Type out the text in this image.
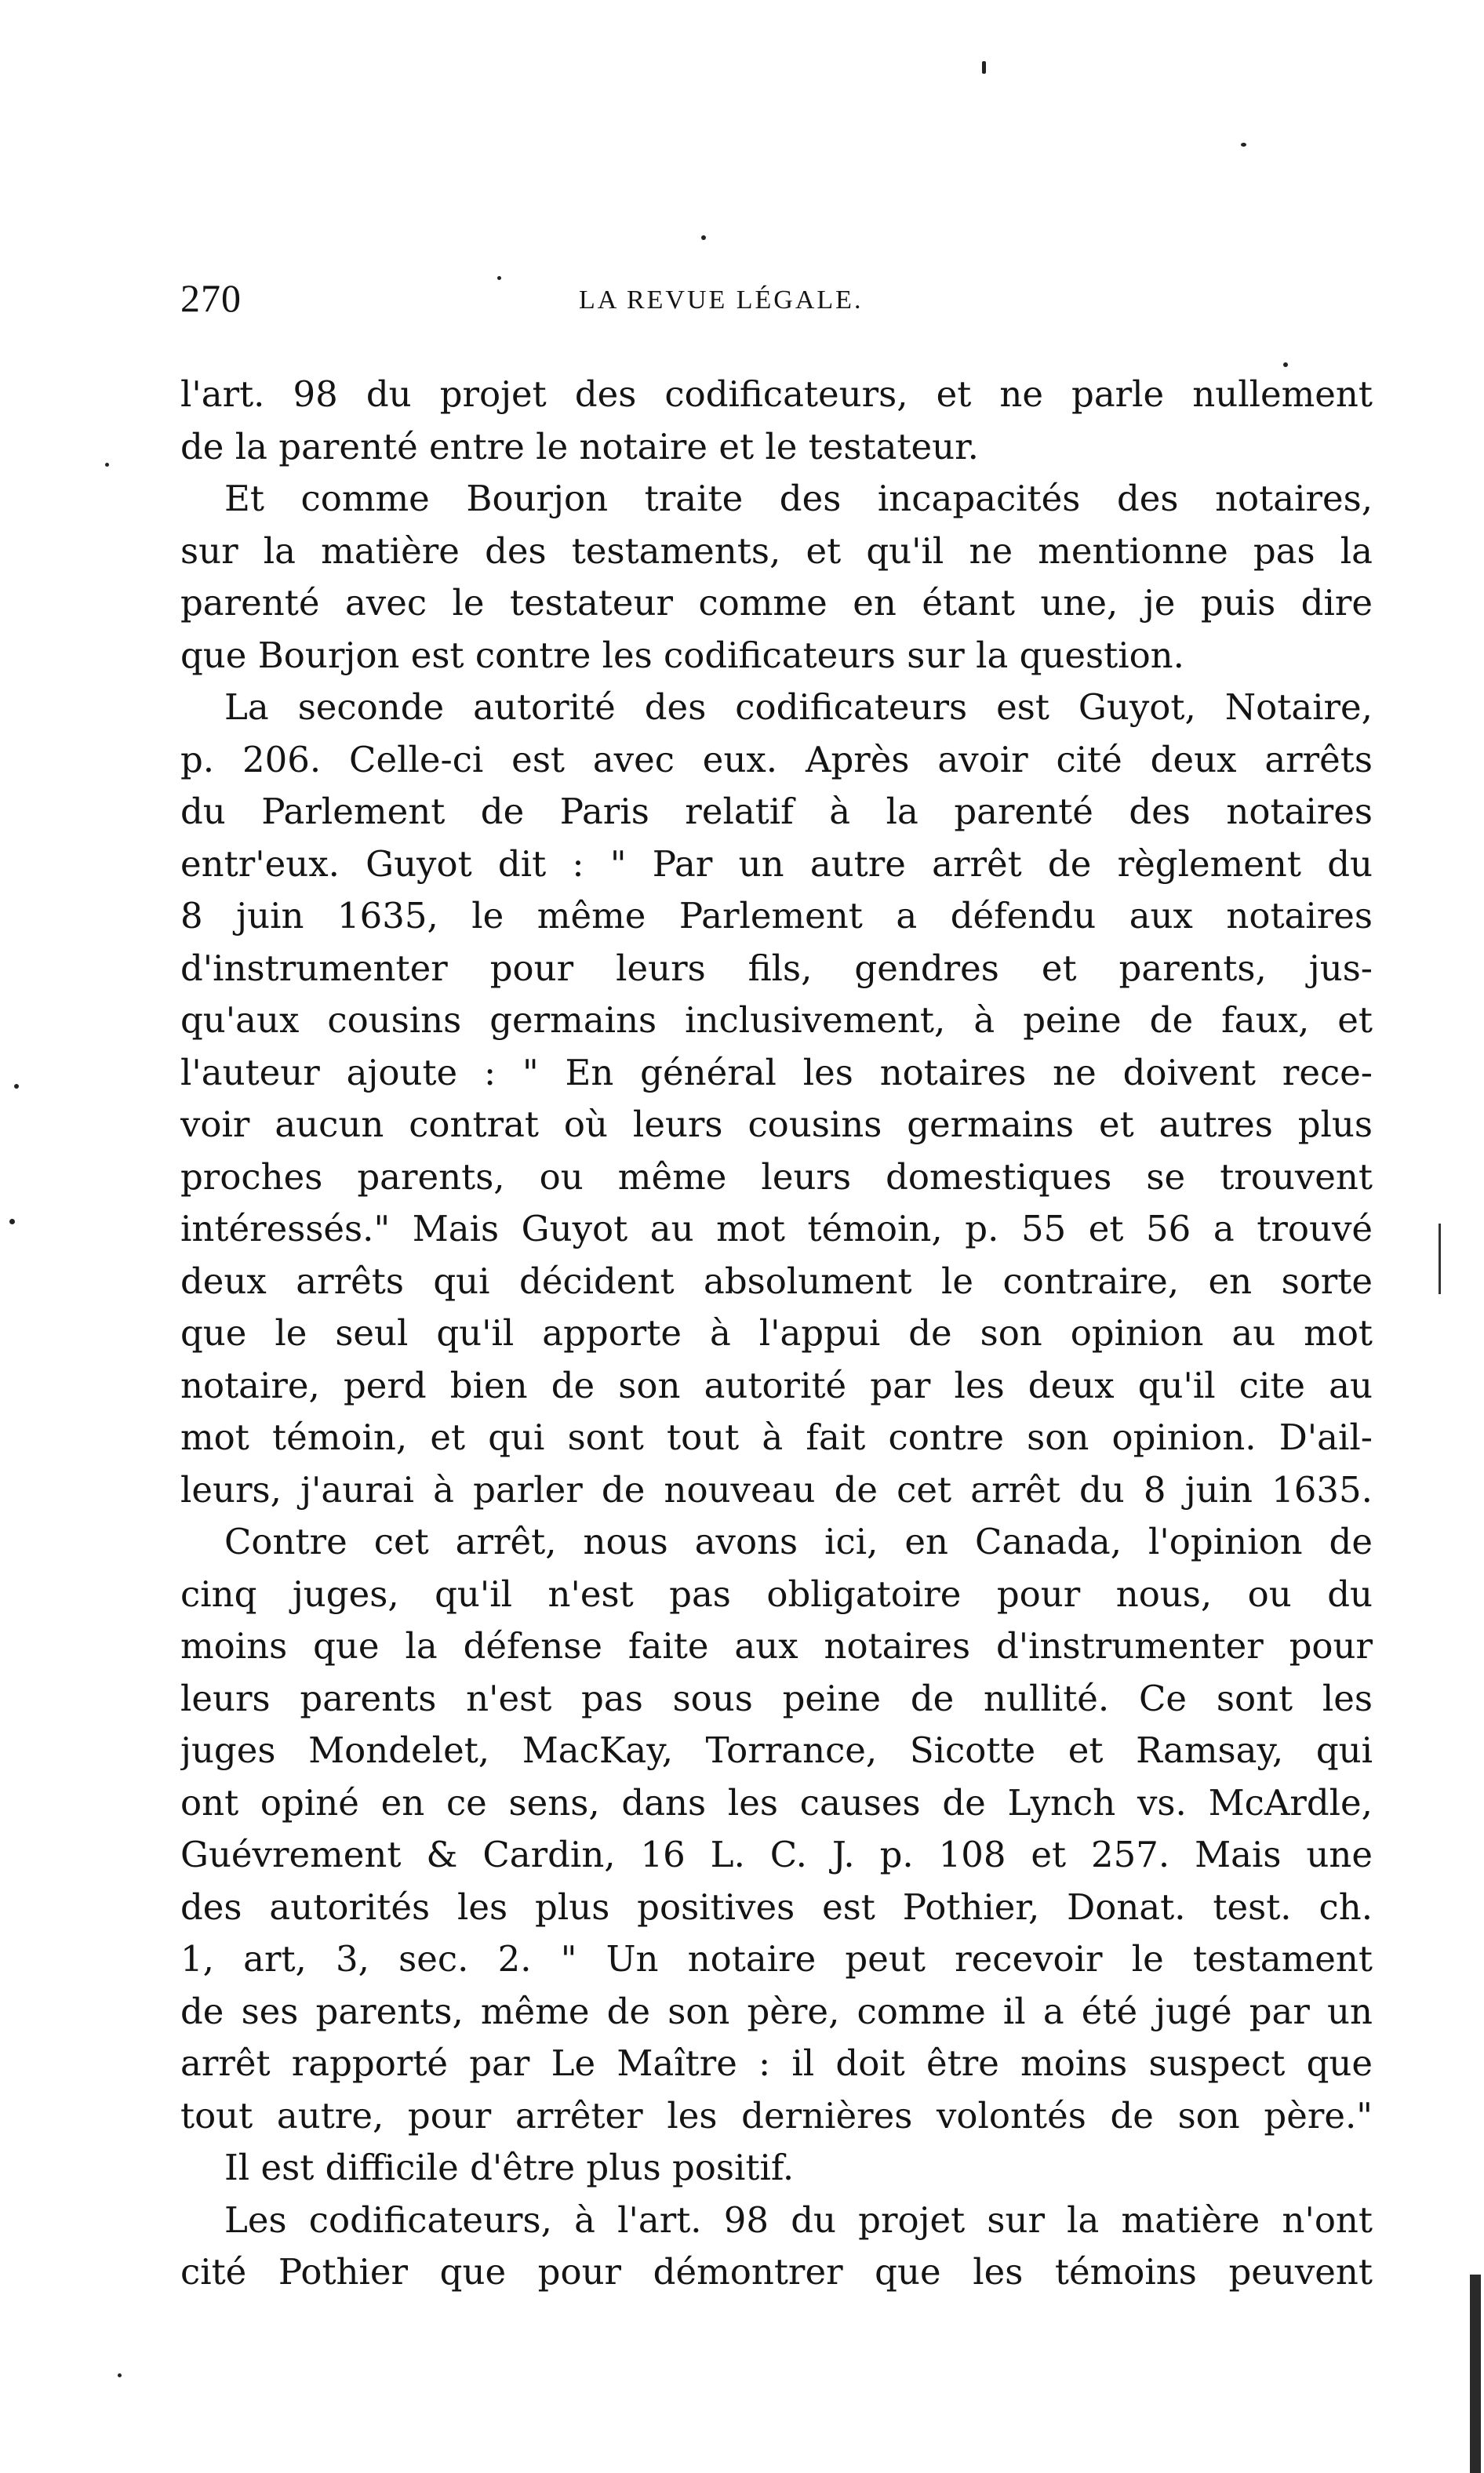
270	LA REVUE LÉGALE.
l'art. 98 du projet des codificateurs, et ne parle nullement
de la parenté entre le notaire et le testateur.
Et comme Bourjon traite des incapacités des notaires,
sur la matière des testaments, et qu'il ne mentionne pas la
parenté avec le testateur comme en étant une, je puis dire
que Bourjon est contre les codificateurs sur la question.
La seconde autorité des codificateurs est Guyot, Notaire,
p. 206. Celle-ci est avec eux. Après avoir cité deux arrêts
du Parlement de Paris relatif à la parenté des notaires
entr'eux. Guyot dit : " Par un autre arrêt de règlement du
8 juin 1635, le même Parlement a défendu aux notaires
d'instrumenter pour leurs fils, gendres et parents, jus-
qu'aux cousins germains inclusivement, à peine de faux, et
l'auteur ajoute : " En général les notaires ne doivent rece-
voir aucun contrat où leurs cousins germains et autres plus
proches parents, ou même leurs domestiques se trouvent
intéressés." Mais Guyot au mot témoin, p. 55 et 56 a trouvé
deux arrêts qui décident absolument le contraire, en sorte
que le seul qu'il apporte à l'appui de son opinion au mot
notaire, perd bien de son autorité par les deux qu'il cite au
mot témoin, et qui sont tout à fait contre son opinion. D'ail-
leurs, j'aurai à parler de nouveau de cet arrêt du 8 juin 1635.
Contre cet arrêt, nous avons ici, en Canada, l'opinion de
cinq juges, qu'il n'est pas obligatoire pour nous, ou du
moins que la défense faite aux notaires d'instrumenter pour
leurs parents n'est pas sous peine de nullité. Ce sont les
juges Mondelet, MacKay, Torrance, Sicotte et Ramsay, qui
ont opiné en ce sens, dans les causes de Lynch vs. McArdle,
Guévrement & Cardin, 16 L. C. J. p. 108 et 257. Mais une
des autorités les plus positives est Pothier, Donat. test. ch.
1, art, 3, sec. 2. " Un notaire peut recevoir le testament
de ses parents, même de son père, comme il a été jugé par un
arrêt rapporté par Le Maître : il doit être moins suspect que
tout autre, pour arrêter les dernières volontés de son père."
Il est difficile d'être plus positif.
Les codificateurs, à l'art. 98 du projet sur la matière n'ont
cité Pothier que pour démontrer que les témoins peuvent
